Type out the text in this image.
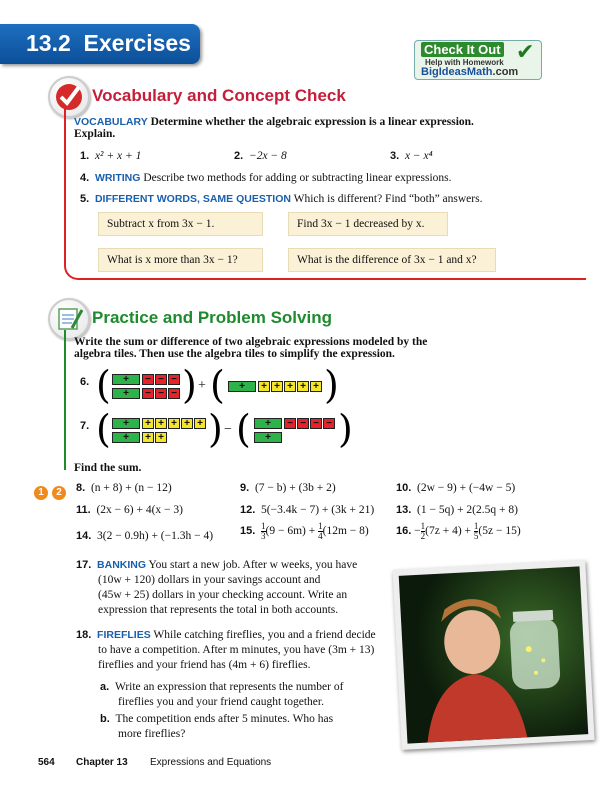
13.2 Exercises	Check It Out
Help with Homework
BigIdeasMath.com
✔
Vocabulary and Concept Check
VOCABULARY Determine whether the algebraic expression is a linear expression.
Explain.
1. x² + x + 1	2. −2x − 8	3. x − x⁴
4. WRITING Describe two methods for adding or subtracting linear expressions.
5. DIFFERENT WORDS, SAME QUESTION Which is different? Find “both” answers.
Subtract x from 3x − 1.	Find 3x − 1 decreased by x.
What is x more than 3x − 1?	What is the difference of 3x − 1 and x?
Practice and Problem Solving
Write the sum or difference of two algebraic expressions modeled by the
algebra tiles. Then use the algebra tiles to simplify the expression.
6. (	+	− − −
+	− − − ) + (	+	+ + + + + )
7. (	+	+ + + + +
+	+ + ) − (	+	− − − −
+ )
Find the sum.
1 2	8. (n + 8) + (n − 12)	9. (7 − b) + (3b + 2)	10. (2w − 9) + (−4w − 5)
11. (2x − 6) + 4(x − 3)	12. 5(−3.4k − 7) + (3k + 21) 13. (1 − 5q) + 2(2.5q + 8)
14. 3(2 − 0.9h) + (−1.3h − 4) 15. $\frac{1}{3} (9 - 6m) + \frac{1}{4} (12m - 8) 16$. − $\frac{1}{2} (7z + 4) + \frac{1}{5} (5z - 15)$
17. BANKING You start a new job. After w weeks, you have
(10w + 120) dollars in your savings account and
(45w + 25) dollars in your checking account. Write an
expression that represents the total in both accounts.
18. FIREFLIES While catching fireflies, you and a friend decide
to have a competition. After m minutes, you have (3m + 13)
fireflies and your friend has (4m + 6) fireflies.
a. Write an expression that represents the number of
fireflies you and your friend caught together.
b. The competition ends after 5 minutes. Who has
more fireflies?
564 Chapter 13 Expressions and Equations
